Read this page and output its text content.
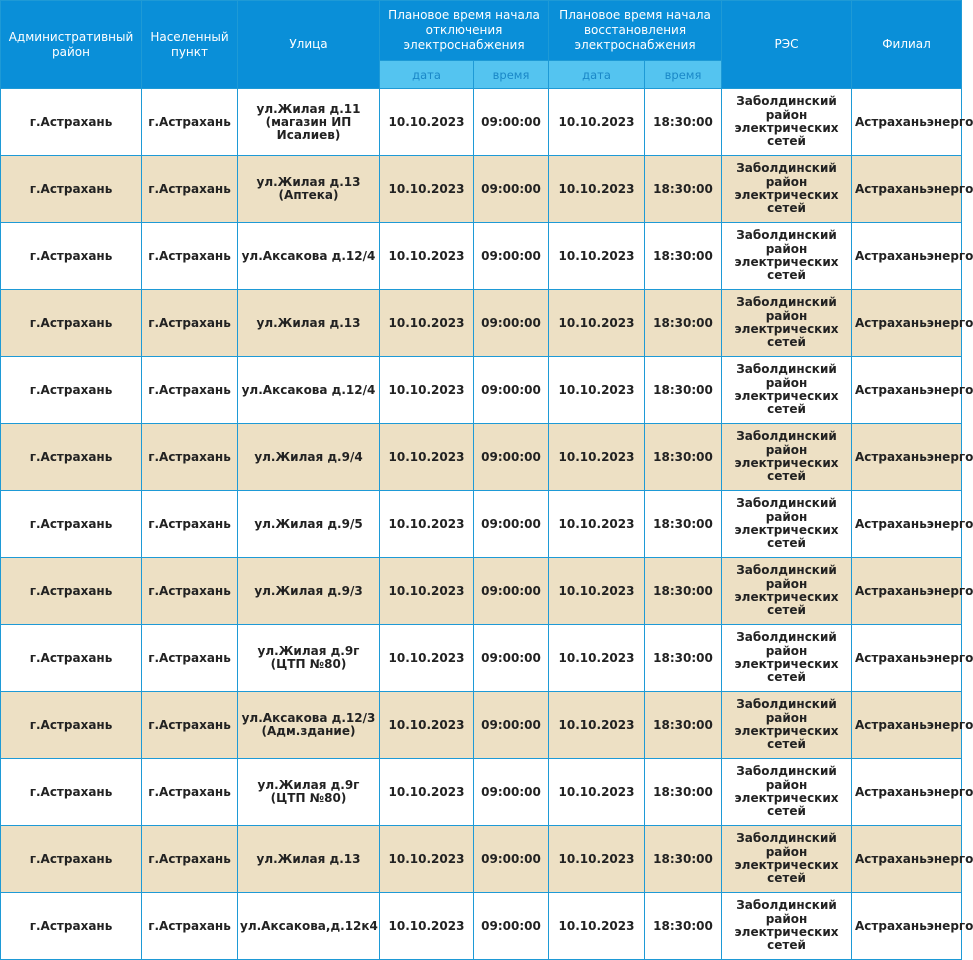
Административный район	Населенный пункт	Улица	Плановое время начала отключения электроснабжения		Плановое время начала восстановления электроснабжения		РЭС	Филиал
			дата	время	дата	время		
г.Астрахань	г.Астрахань	ул.Жилая д.11 (магазин ИП Исалиев)	10.10.2023	09:00:00	10.10.2023	18:30:00	Заболдинский район электрических сетей	Астраханьэнерго
г.Астрахань	г.Астрахань	ул.Жилая д.13 (Аптека)	10.10.2023	09:00:00	10.10.2023	18:30:00	Заболдинский район электрических сетей	Астраханьэнерго
г.Астрахань	г.Астрахань	ул.Аксакова д.12/4	10.10.2023	09:00:00	10.10.2023	18:30:00	Заболдинский район электрических сетей	Астраханьэнерго
г.Астрахань	г.Астрахань	ул.Жилая д.13	10.10.2023	09:00:00	10.10.2023	18:30:00	Заболдинский район электрических сетей	Астраханьэнерго
г.Астрахань	г.Астрахань	ул.Аксакова д.12/4	10.10.2023	09:00:00	10.10.2023	18:30:00	Заболдинский район электрических сетей	Астраханьэнерго
г.Астрахань	г.Астрахань	ул.Жилая д.9/4	10.10.2023	09:00:00	10.10.2023	18:30:00	Заболдинский район электрических сетей	Астраханьэнерго
г.Астрахань	г.Астрахань	ул.Жилая д.9/5	10.10.2023	09:00:00	10.10.2023	18:30:00	Заболдинский район электрических сетей	Астраханьэнерго
г.Астрахань	г.Астрахань	ул.Жилая д.9/3	10.10.2023	09:00:00	10.10.2023	18:30:00	Заболдинский район электрических сетей	Астраханьэнерго
г.Астрахань	г.Астрахань	ул.Жилая д.9г (ЦТП №80)	10.10.2023	09:00:00	10.10.2023	18:30:00	Заболдинский район электрических сетей	Астраханьэнерго
г.Астрахань	г.Астрахань	ул.Аксакова д.12/3 (Адм.здание)	10.10.2023	09:00:00	10.10.2023	18:30:00	Заболдинский район электрических сетей	Астраханьэнерго
г.Астрахань	г.Астрахань	ул.Жилая д.9г (ЦТП №80)	10.10.2023	09:00:00	10.10.2023	18:30:00	Заболдинский район электрических сетей	Астраханьэнерго
г.Астрахань	г.Астрахань	ул.Жилая д.13	10.10.2023	09:00:00	10.10.2023	18:30:00	Заболдинский район электрических сетей	Астраханьэнерго
г.Астрахань	г.Астрахань	ул.Аксакова,д.12к4	10.10.2023	09:00:00	10.10.2023	18:30:00	Заболдинский район электрических сетей	Астраханьэнерго
